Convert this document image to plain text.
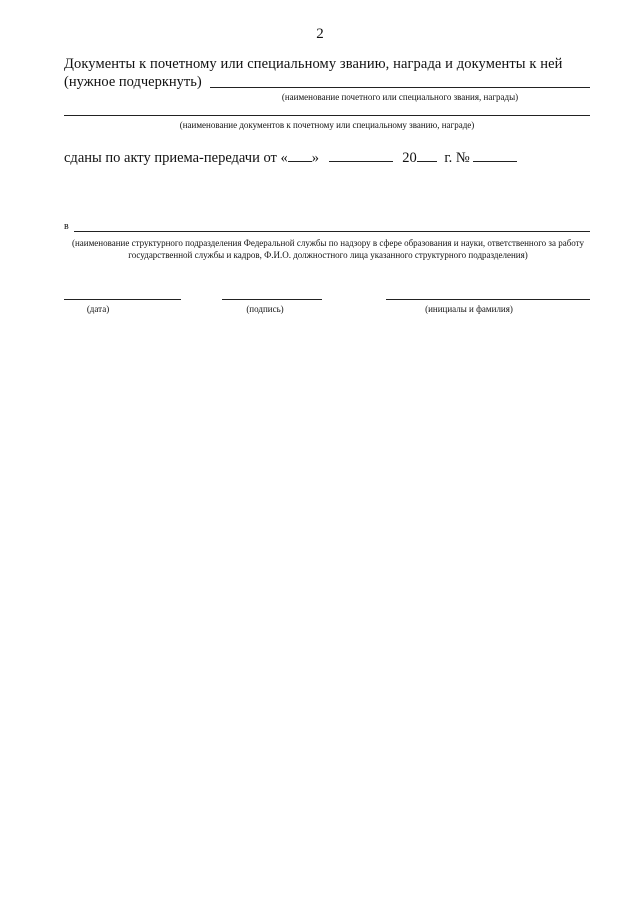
2
Документы к почетному или специальному званию, награда и документы к ней
(нужное подчеркнуть)
(наименование почетного или специального звания, награды)
(наименование документов к почетному или специальному званию, награде)
сданы по акту приема-передачи от « »	20 г. №
в
(наименование структурного подразделения Федеральной службы по надзору в сфере образования и науки, ответственного за работу государственной службы и кадров, Ф.И.О. должностного лица указанного структурного подразделения)
(дата)	(подпись)	(инициалы и фамилия)
